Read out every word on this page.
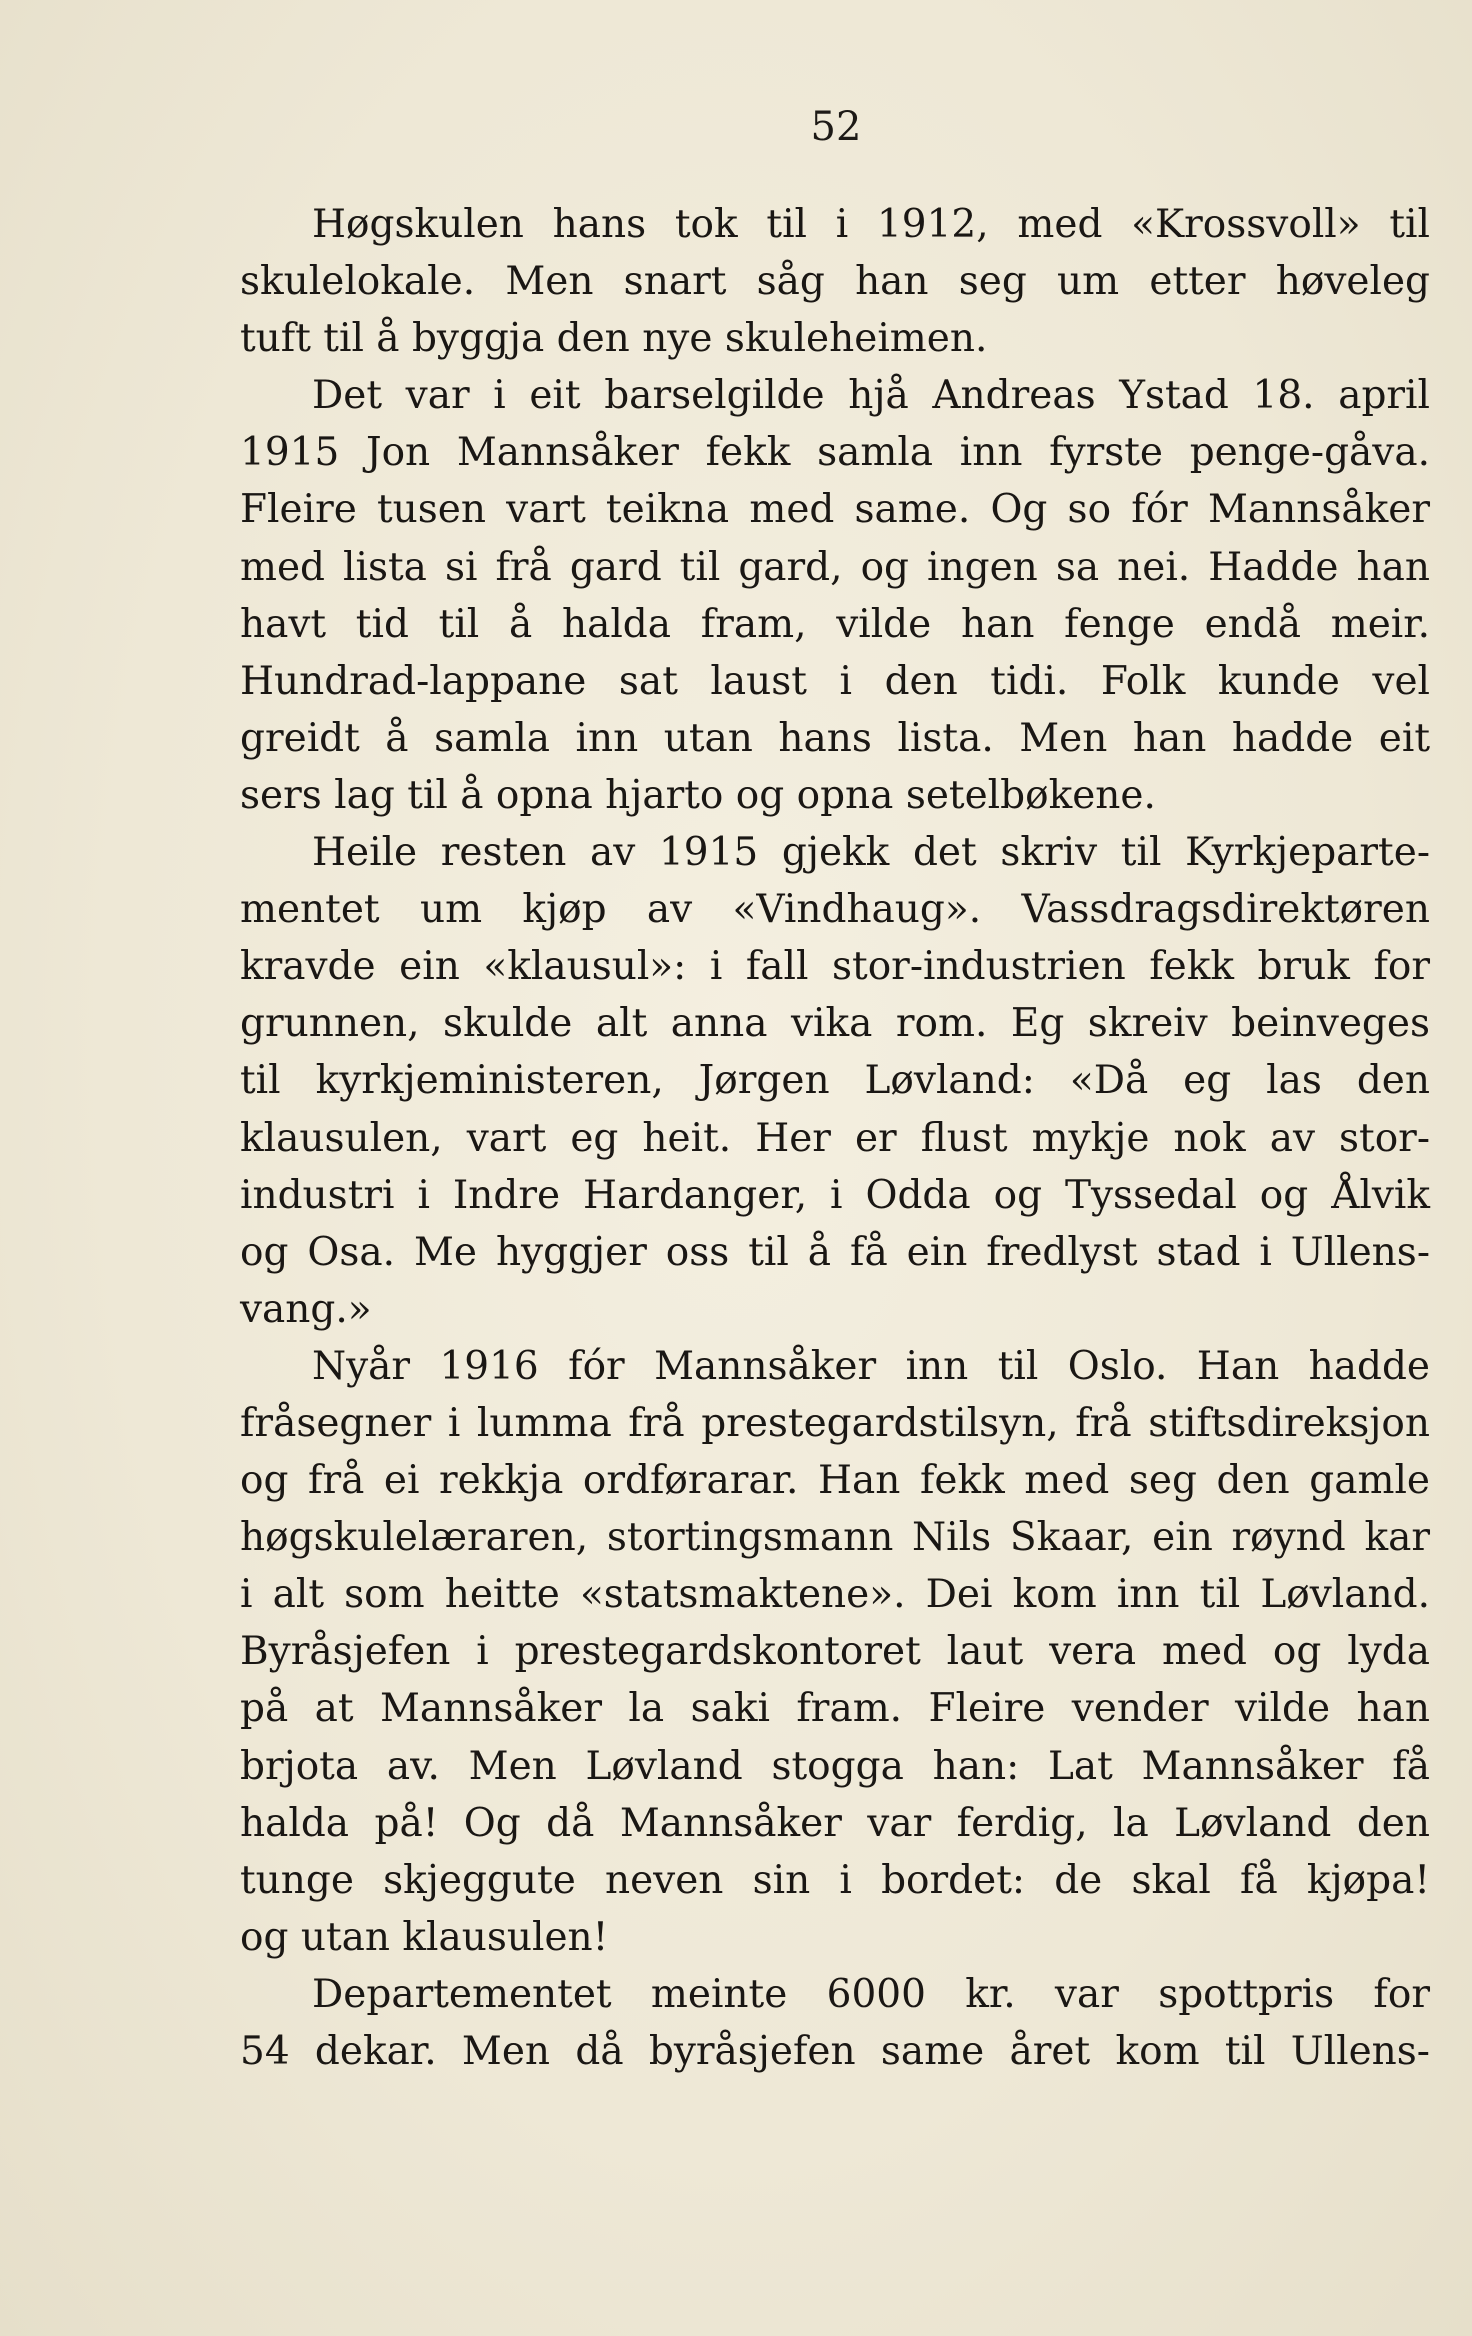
52
Høgskulen hans tok til i 1912, med «Krossvoll» til
skulelokale. Men snart såg han seg um etter høveleg
tuft til å byggja den nye skuleheimen.
Det var i eit barselgilde hjå Andreas Ystad 18. april
1915 Jon Mannsåker fekk samla inn fyrste penge-gåva.
Fleire tusen vart teikna med same. Og so fór Mannsåker
med lista si frå gard til gard, og ingen sa nei. Hadde han
havt tid til å halda fram, vilde han fenge endå meir.
Hundrad-lappane sat laust i den tidi. Folk kunde vel
greidt å samla inn utan hans lista. Men han hadde eit
sers lag til å opna hjarto og opna setelbøkene.
Heile resten av 1915 gjekk det skriv til Kyrkjeparte-
mentet um kjøp av «Vindhaug». Vassdragsdirektøren
kravde ein «klausul»: i fall stor-industrien fekk bruk for
grunnen, skulde alt anna vika rom. Eg skreiv beinveges
til kyrkjeministeren, Jørgen Løvland: «Då eg las den
klausulen, vart eg heit. Her er flust mykje nok av stor-
industri i Indre Hardanger, i Odda og Tyssedal og Ålvik
og Osa. Me hyggjer oss til å få ein fredlyst stad i Ullens-
vang.»
Nyår 1916 fór Mannsåker inn til Oslo. Han hadde
fråsegner i lumma frå prestegardstilsyn, frå stiftsdireksjon
og frå ei rekkja ordførarar. Han fekk med seg den gamle
høgskulelæraren, stortingsmann Nils Skaar, ein røynd kar
i alt som heitte «statsmaktene». Dei kom inn til Løvland.
Byråsjefen i prestegardskontoret laut vera med og lyda
på at Mannsåker la saki fram. Fleire vender vilde han
brjota av. Men Løvland stogga han: Lat Mannsåker få
halda på! Og då Mannsåker var ferdig, la Løvland den
tunge skjeggute neven sin i bordet: de skal få kjøpa!
og utan klausulen!
Departementet meinte 6000 kr. var spottpris for
54 dekar. Men då byråsjefen same året kom til Ullens-
